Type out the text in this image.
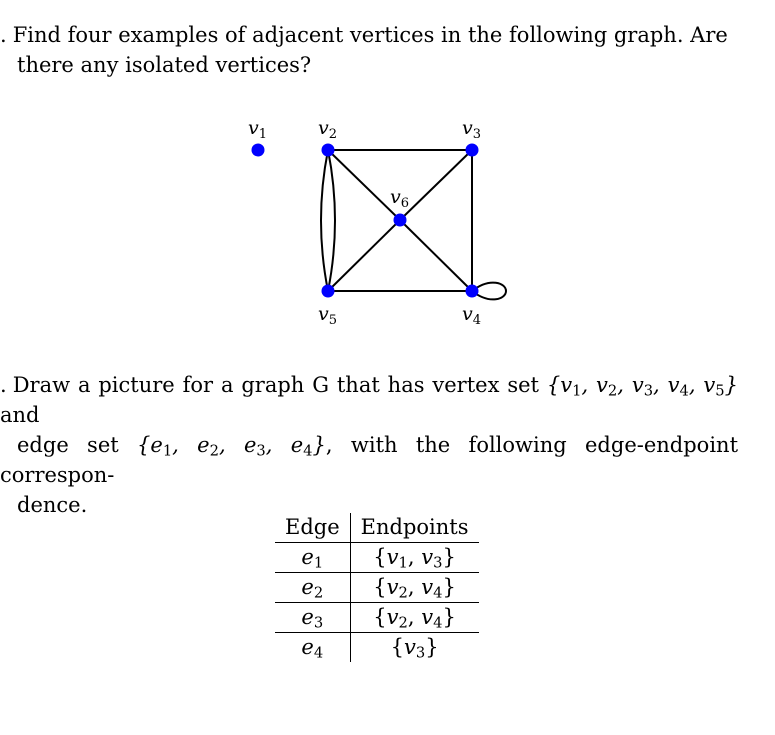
. Find four examples of adjacent vertices in the following graph. Are
there any isolated vertices?
$v_1$	$v_2$	$v_3$
$v_4$
$v_5$
$v_6$
. Draw a picture for a graph G that has vertex set {$v_1$, $v_2$, $v_3$, $v_4$, $v_5$} and
edge set {$e_1$, $e_2$, $e_3$, $e_4$}, with the following edge-endpoint correspon-
dence.
Edge	Endpoints
$e_1$	{$v_1$, $v_3$}
$e_2$	{$v_2$, $v_4$}
$e_3$	{$v_2$, $v_4$}
$e_4$	$\{v_3\}$
